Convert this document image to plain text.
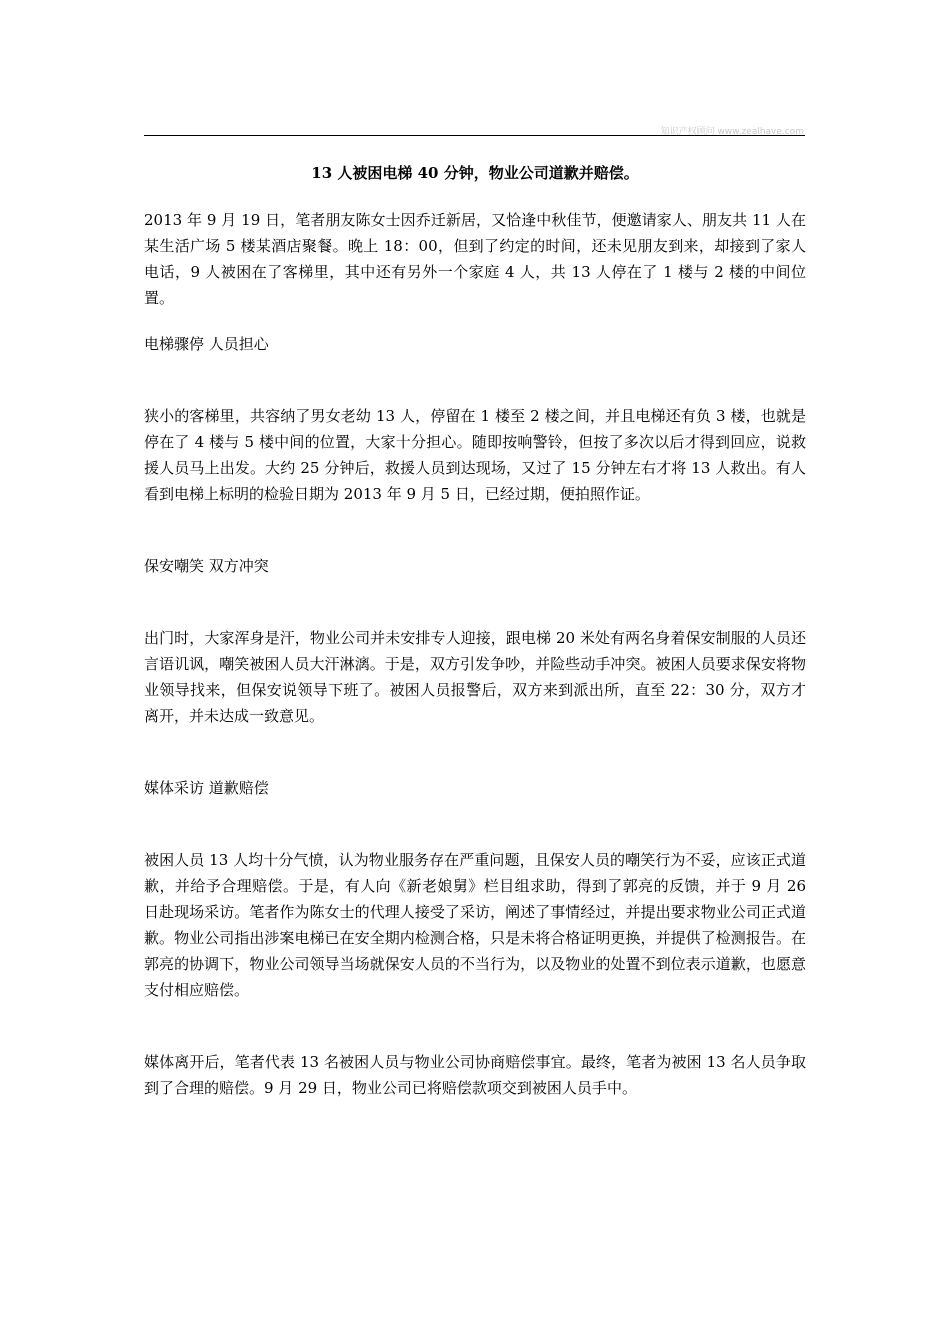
知识产权顾问 www.zealhave.com
13 人被困电梯 40 分钟，物业公司道歉并赔偿。

2013 年 9 月 19 日，笔者朋友陈女士因乔迁新居，又恰逢中秋佳节，便邀请家人、朋友共 11 人在某生活广场 5 楼某酒店聚餐。晚上 18：00，但到了约定的时间，还未见朋友到来，却接到了家人电话，9 人被困在了客梯里，其中还有另外一个家庭 4 人，共 13 人停在了 1 楼与 2 楼的中间位置。

电梯骤停 人员担心

狭小的客梯里，共容纳了男女老幼 13 人，停留在 1 楼至 2 楼之间，并且电梯还有负 3 楼，也就是停在了 4 楼与 5 楼中间的位置，大家十分担心。随即按响警铃，但按了多次以后才得到回应，说救援人员马上出发。大约 25 分钟后，救援人员到达现场，又过了 15 分钟左右才将 13 人救出。有人看到电梯上标明的检验日期为 2013 年 9 月 5 日，已经过期，便拍照作证。

保安嘲笑 双方冲突

出门时，大家浑身是汗，物业公司并未安排专人迎接，跟电梯 20 米处有两名身着保安制服的人员还言语讥讽，嘲笑被困人员大汗淋漓。于是，双方引发争吵，并险些动手冲突。被困人员要求保安将物业领导找来，但保安说领导下班了。被困人员报警后，双方来到派出所，直至 22：30 分，双方才离开，并未达成一致意见。

媒体采访 道歉赔偿

被困人员 13 人均十分气愤，认为物业服务存在严重问题，且保安人员的嘲笑行为不妥，应该正式道歉，并给予合理赔偿。于是，有人向《新老娘舅》栏目组求助，得到了郭亮的反馈，并于 9 月 26 日赴现场采访。笔者作为陈女士的代理人接受了采访，阐述了事情经过，并提出要求物业公司正式道歉。物业公司指出涉案电梯已在安全期内检测合格，只是未将合格证明更换，并提供了检测报告。在郭亮的协调下，物业公司领导当场就保安人员的不当行为，以及物业的处置不到位表示道歉，也愿意支付相应赔偿。

媒体离开后，笔者代表 13 名被困人员与物业公司协商赔偿事宜。最终，笔者为被困 13 名人员争取到了合理的赔偿。9 月 29 日，物业公司已将赔偿款项交到被困人员手中。
